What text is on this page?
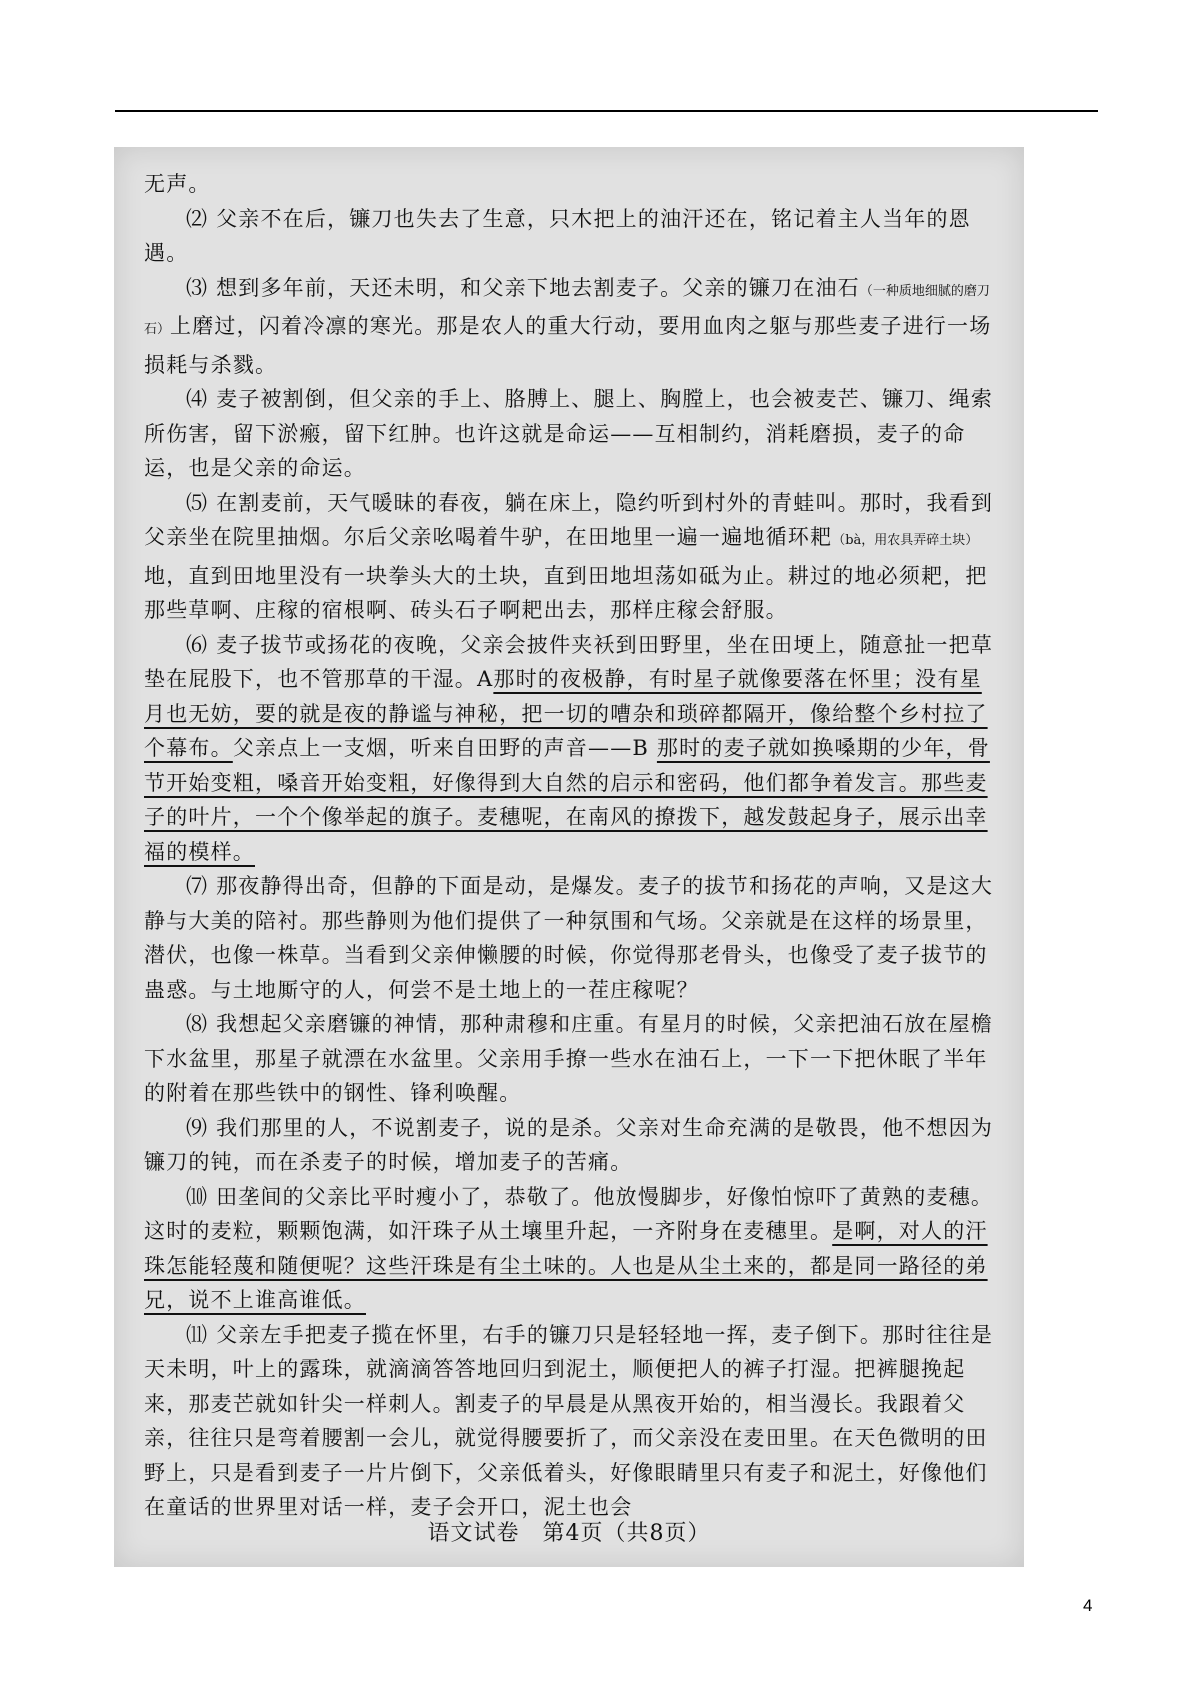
无声。

⑵ 父亲不在后，镰刀也失去了生意，只木把上的油汗还在，铭记着主人当年的恩遇。

⑶ 想到多年前，天还未明，和父亲下地去割麦子。父亲的镰刀在油石（一种质地细腻的磨刀石）上磨过，闪着冷凛的寒光。那是农人的重大行动，要用血肉之躯与那些麦子进行一场损耗与杀戮。

⑷ 麦子被割倒，但父亲的手上、胳膊上、腿上、胸膛上，也会被麦芒、镰刀、绳索所伤害，留下淤瘢，留下红肿。也许这就是命运——互相制约，消耗磨损，麦子的命运，也是父亲的命运。

⑸ 在割麦前，天气暖昧的春夜，躺在床上，隐约听到村外的青蛙叫。那时，我看到父亲坐在院里抽烟。尔后父亲吆喝着牛驴，在田地里一遍一遍地循环耙（bà，用农具弄碎土块）地，直到田地里没有一块拳头大的土块，直到田地坦荡如砥为止。耕过的地必须耙，把那些草啊、庄稼的宿根啊、砖头石子啊耙出去，那样庄稼会舒服。

⑹ 麦子拔节或扬花的夜晚，父亲会披件夹袄到田野里，坐在田埂上，随意扯一把草垫在屁股下，也不管那草的干湿。A那时的夜极静，有时星子就像要落在怀里；没有星月也无妨，要的就是夜的静谧与神秘，把一切的嘈杂和琐碎都隔开，像给整个乡村拉了个幕布。父亲点上一支烟，听来自田野的声音——B 那时的麦子就如换嗓期的少年，骨节开始变粗，嗓音开始变粗，好像得到大自然的启示和密码，他们都争着发言。那些麦子的叶片，一个个像举起的旗子。麦穗呢，在南风的撩拨下，越发鼓起身子，展示出幸福的模样。

⑺ 那夜静得出奇，但静的下面是动，是爆发。麦子的拔节和扬花的声响，又是这大静与大美的陪衬。那些静则为他们提供了一种氛围和气场。父亲就是在这样的场景里，潜伏，也像一株草。当看到父亲伸懒腰的时候，你觉得那老骨头，也像受了麦子拔节的蛊惑。与土地厮守的人，何尝不是土地上的一茬庄稼呢？

⑻ 我想起父亲磨镰的神情，那种肃穆和庄重。有星月的时候，父亲把油石放在屋檐下水盆里，那星子就漂在水盆里。父亲用手撩一些水在油石上，一下一下把休眠了半年的附着在那些铁中的钢性、锋利唤醒。

⑼ 我们那里的人，不说割麦子，说的是杀。父亲对生命充满的是敬畏，他不想因为镰刀的钝，而在杀麦子的时候，增加麦子的苦痛。

⑽ 田垄间的父亲比平时瘦小了，恭敬了。他放慢脚步，好像怕惊吓了黄熟的麦穗。这时的麦粒，颗颗饱满，如汗珠子从土壤里升起，一齐附身在麦穗里。是啊，对人的汗珠怎能轻蔑和随便呢？这些汗珠是有尘土味的。人也是从尘土来的，都是同一路径的弟兄，说不上谁高谁低。

⑾ 父亲左手把麦子揽在怀里，右手的镰刀只是轻轻地一挥，麦子倒下。那时往往是天未明，叶上的露珠，就滴滴答答地回归到泥土，顺便把人的裤子打湿。把裤腿挽起来，那麦芒就如针尖一样刺人。割麦子的早晨是从黑夜开始的，相当漫长。我跟着父亲，往往只是弯着腰割一会儿，就觉得腰要折了，而父亲没在麦田里。在天色微明的田野上，只是看到麦子一片片倒下，父亲低着头，好像眼睛里只有麦子和泥土，好像他们在童话的世界里对话一样，麦子会开口，泥土也会

语文试卷　第4页（共8页）
4
